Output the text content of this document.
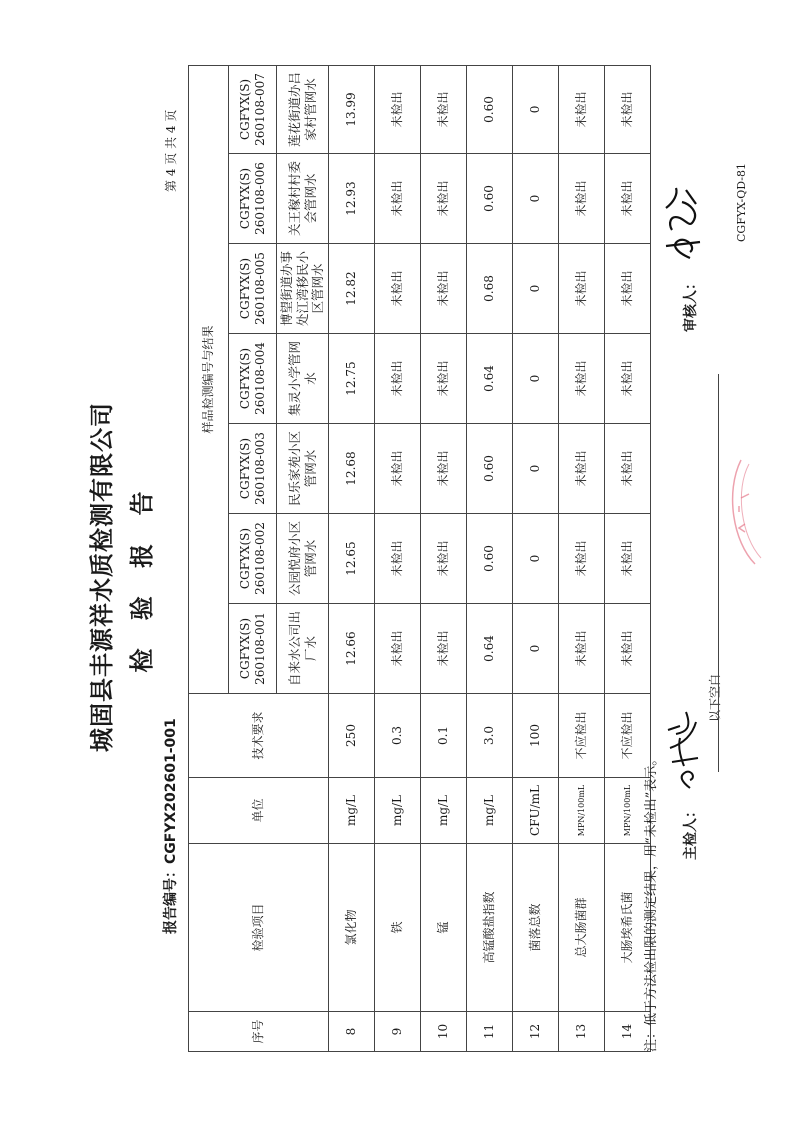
城固县丰源祥水质检测有限公司 检 验 报 告
报告编号：CGFYX202601-001
第 4 页 共 4 页
序号	检验项目	单位	技术要求	样品检测编号与结果						
				CGFYX(S) 260108-001	CGFYX(S) 260108-002	CGFYX(S) 260108-003	CGFYX(S) 260108-004	CGFYX(S) 260108-005	CGFYX(S) 260108-006	CGFYX(S) 260108-007
				自来水公司出厂水	公园悦府小区管网水	民乐家苑小区管网水	集灵小学管网水	博望街道办事处江湾移民小区管网水	关王稼村村委会管网水	莲花街道办吕家村管网水
8	氯化物	mg/L	250	12.66	12.65	12.68	12.75	12.82	12.93	13.99
9	铁	mg/L	0.3	未检出	未检出	未检出	未检出	未检出	未检出	未检出
10	锰	mg/L	0.1	未检出	未检出	未检出	未检出	未检出	未检出	未检出
11	高锰酸盐指数	mg/L	3.0	0.64	0.60	0.60	0.64	0.68	0.60	0.60
12	菌落总数	CFU/mL	100	0	0	0	0	0	0	0
13	总大肠菌群	MPN/100mL	不应检出	未检出	未检出	未检出	未检出	未检出	未检出	未检出
14	大肠埃希氏菌	MPN/100mL	不应检出	未检出	未检出	未检出	未检出	未检出	未检出	未检出
注：低于方法检出限的测定结果，用“未检出”表示。 主检人：
审核人：
以下空白
CGFYX-QD-81
